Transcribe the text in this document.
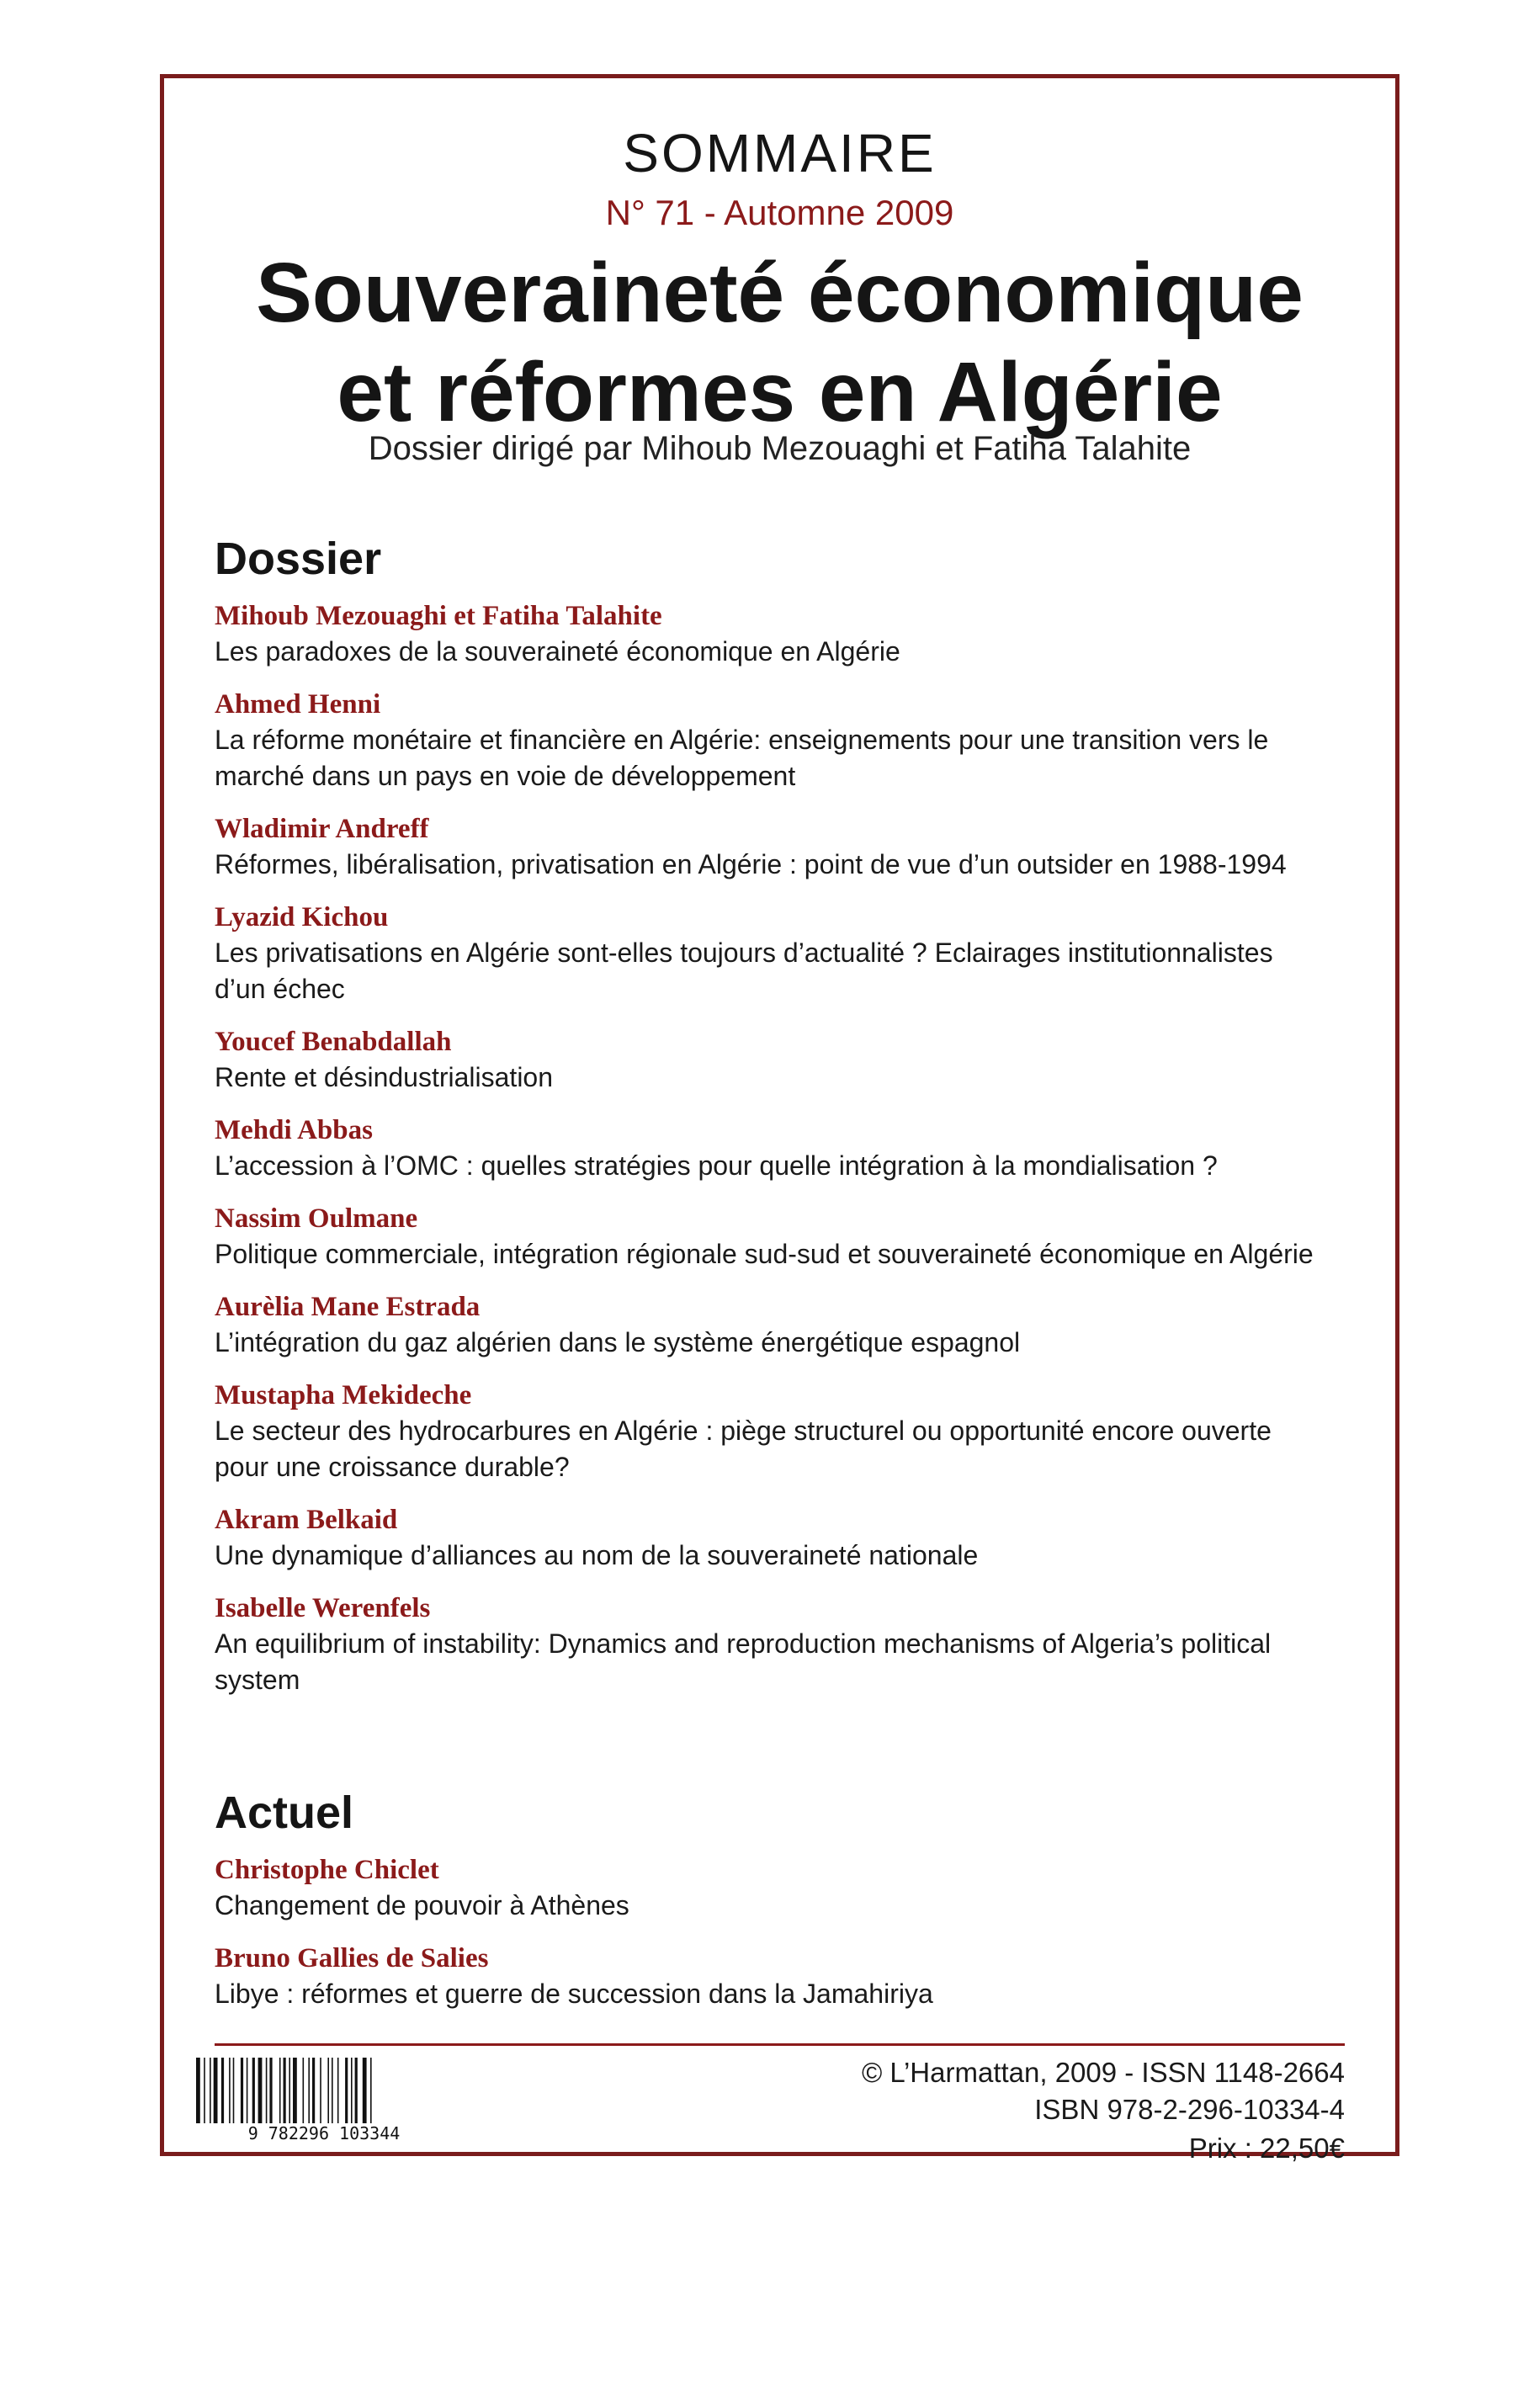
SOMMAIRE
N° 71 - Automne 2009
Souveraineté économique
et réformes en Algérie
Dossier dirigé par Mihoub Mezouaghi et Fatiha Talahite
Dossier
Mihoub Mezouaghi et Fatiha Talahite
Les paradoxes de la souveraineté économique en Algérie
Ahmed Henni
La réforme monétaire et financière en Algérie: enseignements pour une transition vers le marché dans un pays en voie de développement
Wladimir Andreff
Réformes, libéralisation, privatisation en Algérie : point de vue d’un outsider en 1988-1994
Lyazid Kichou
Les privatisations en Algérie sont-elles toujours d’actualité ? Eclairages institutionnalistes d’un échec
Youcef Benabdallah
Rente et désindustrialisation
Mehdi Abbas
L’accession à l’OMC : quelles stratégies pour quelle intégration à la mondialisation ?
Nassim Oulmane
Politique commerciale, intégration régionale sud-sud et souveraineté économique en Algérie
Aurèlia Mane Estrada
L’intégration du gaz algérien dans le système énergétique espagnol
Mustapha Mekideche
Le secteur des hydrocarbures en Algérie : piège structurel ou opportunité encore ouverte pour une croissance durable?
Akram Belkaid
Une dynamique d’alliances au nom de la souveraineté nationale
Isabelle Werenfels
An equilibrium of instability: Dynamics and reproduction mechanisms of Algeria’s political system
Actuel
Christophe Chiclet
Changement de pouvoir à Athènes
Bruno Gallies de Salies
Libye : réformes et guerre de succession dans la Jamahiriya
9 782296 103344
© L’Harmattan, 2009 - ISSN 1148-2664
ISBN 978-2-296-10334-4
Prix : 22,50€
